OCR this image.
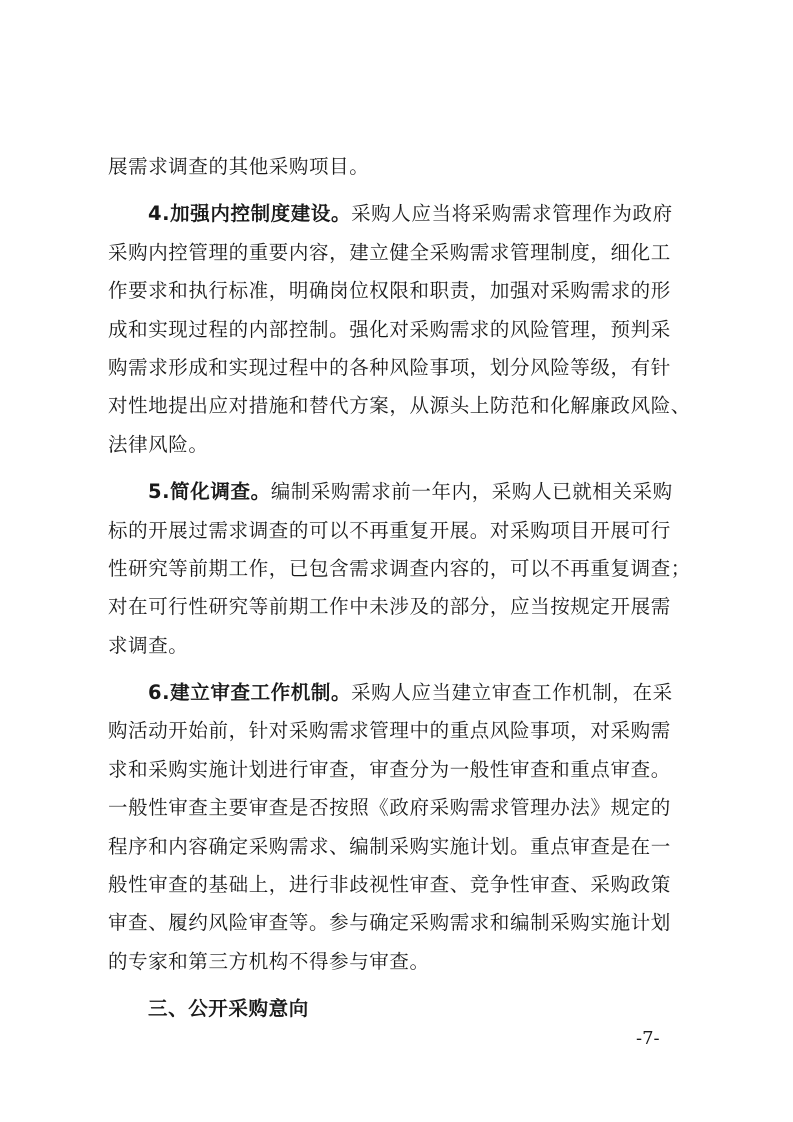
展需求调查的其他采购项目。
4.加强内控制度建设。采购人应当将采购需求管理作为政府
采购内控管理的重要内容，建立健全采购需求管理制度，细化工
作要求和执行标准，明确岗位权限和职责，加强对采购需求的形
成和实现过程的内部控制。强化对采购需求的风险管理，预判采
购需求形成和实现过程中的各种风险事项，划分风险等级，有针
对性地提出应对措施和替代方案，从源头上防范和化解廉政风险、
法律风险。
5.简化调查。编制采购需求前一年内，采购人已就相关采购
标的开展过需求调查的可以不再重复开展。对采购项目开展可行
性研究等前期工作，已包含需求调查内容的，可以不再重复调查；
对在可行性研究等前期工作中未涉及的部分，应当按规定开展需
求调查。
6.建立审查工作机制。采购人应当建立审查工作机制，在采
购活动开始前，针对采购需求管理中的重点风险事项，对采购需
求和采购实施计划进行审查，审查分为一般性审查和重点审查。
一般性审查主要审查是否按照《政府采购需求管理办法》规定的
程序和内容确定采购需求、编制采购实施计划。重点审查是在一
般性审查的基础上，进行非歧视性审查、竞争性审查、采购政策
审查、履约风险审查等。参与确定采购需求和编制采购实施计划
的专家和第三方机构不得参与审查。
三、公开采购意向
-7-
